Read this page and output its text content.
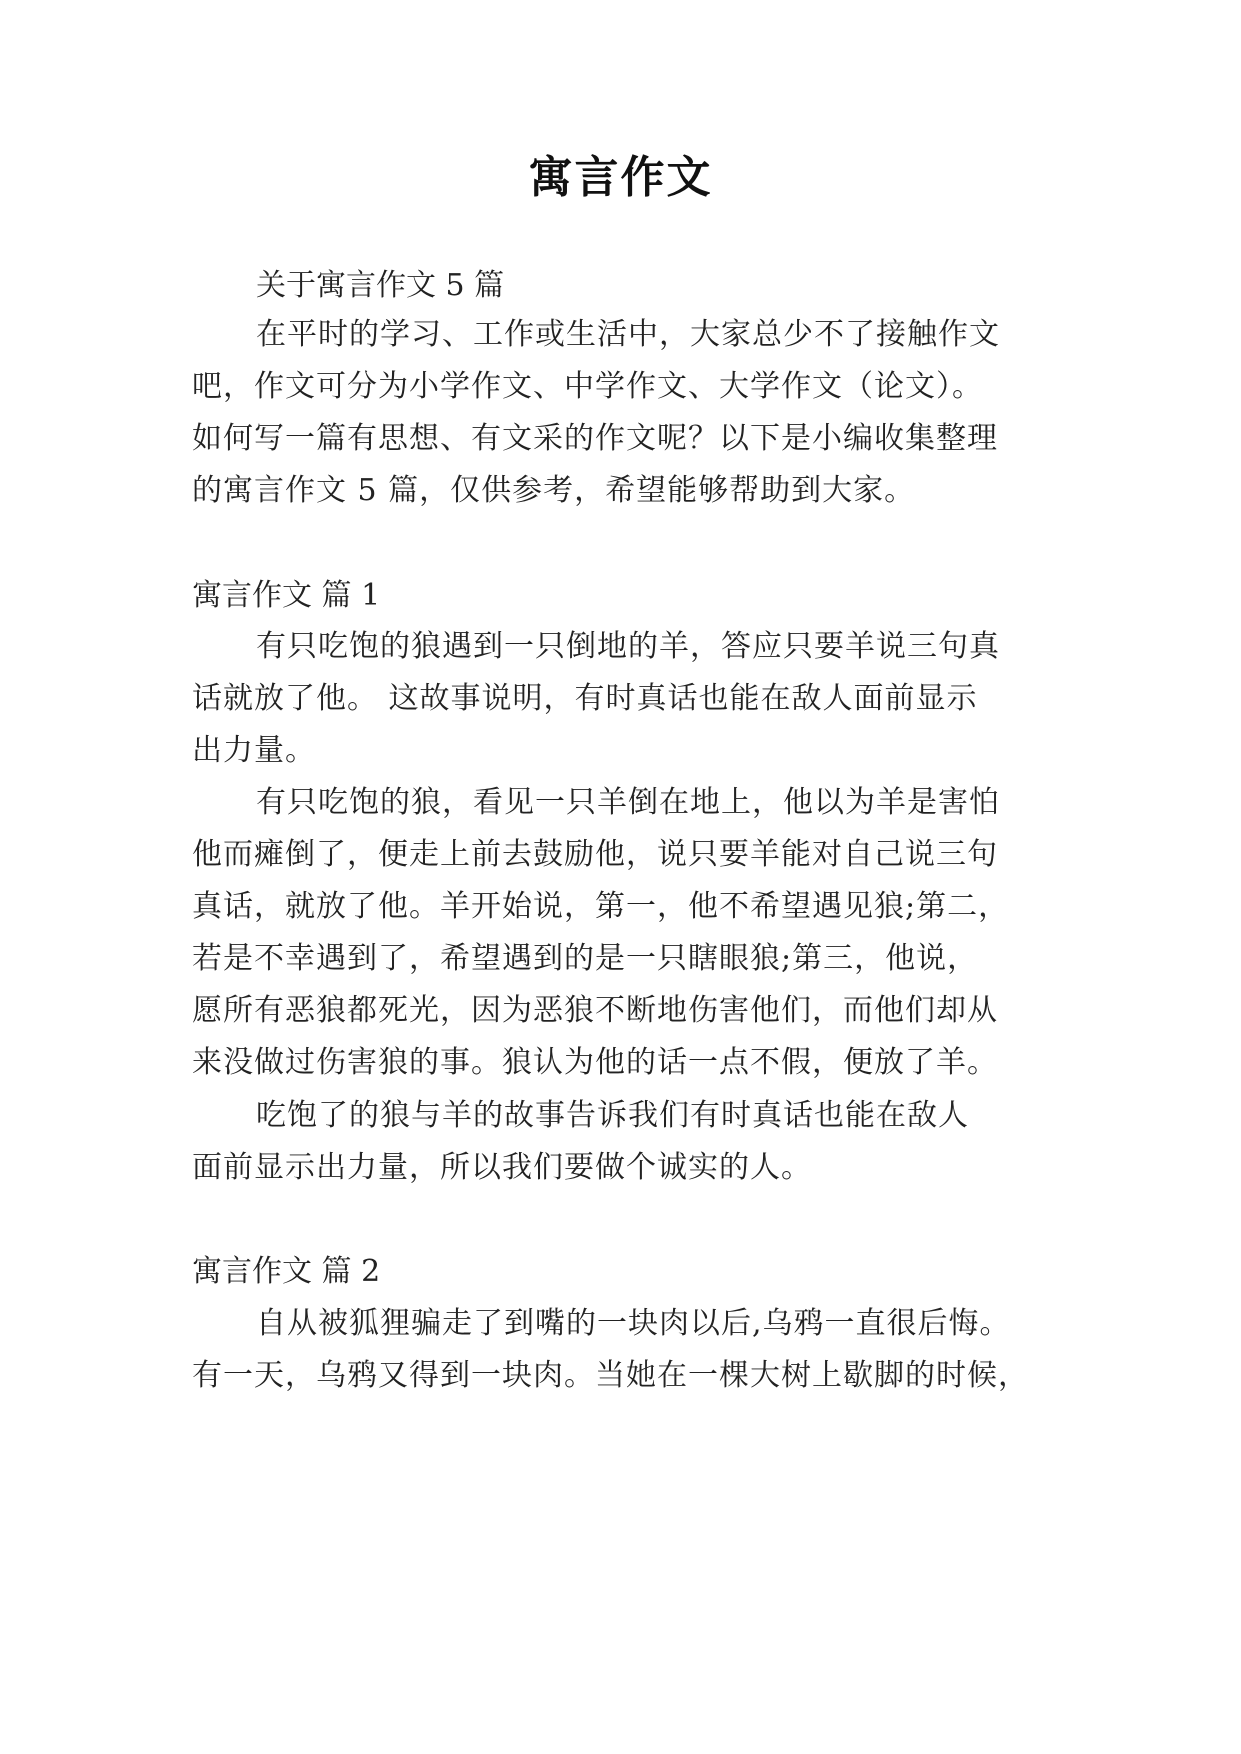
寓言作文
关于寓言作文 5 篇
在平时的学习、工作或生活中，大家总少不了接触作文
吧，作文可分为小学作文、中学作文、大学作文（论文）。
如何写一篇有思想、有文采的作文呢？以下是小编收集整理
的寓言作文 5 篇，仅供参考，希望能够帮助到大家。
寓言作文 篇 1
有只吃饱的狼遇到一只倒地的羊，答应只要羊说三句真
话就放了他。 这故事说明，有时真话也能在敌人面前显示
出力量。
有只吃饱的狼，看见一只羊倒在地上，他以为羊是害怕
他而瘫倒了，便走上前去鼓励他，说只要羊能对自己说三句
真话，就放了他。羊开始说，第一，他不希望遇见狼;第二，
若是不幸遇到了，希望遇到的是一只瞎眼狼;第三，他说，
愿所有恶狼都死光，因为恶狼不断地伤害他们，而他们却从
来没做过伤害狼的事。狼认为他的话一点不假，便放了羊。
吃饱了的狼与羊的故事告诉我们有时真话也能在敌人
面前显示出力量，所以我们要做个诚实的人。
寓言作文 篇 2
自从被狐狸骗走了到嘴的一块肉以后,乌鸦一直很后悔。
有一天，乌鸦又得到一块肉。当她在一棵大树上歇脚的时候，
